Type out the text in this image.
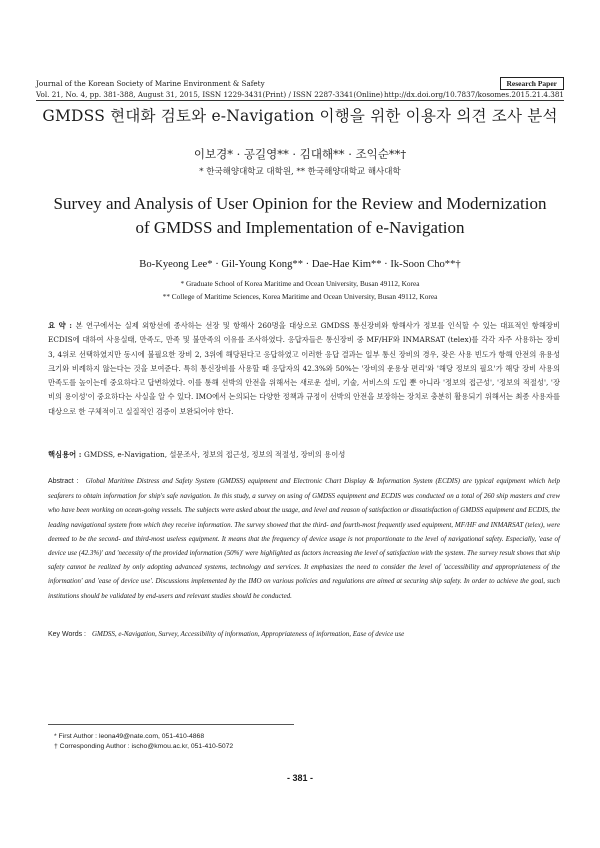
Journal of the Korean Society of Marine Environment & Safety
Vol. 21, No. 4, pp. 381-388, August 31, 2015, ISSN 1229-3431(Print) / ISSN 2287-3341(Online)
Research Paper
http://dx.doi.org/10.7837/kosomes.2015.21.4.381
GMDSS 현대화 검토와 e-Navigation 이행을 위한 이용자 의견 조사 분석
이보경* · 공길영** · 김대해** · 조익순**†
* 한국해양대학교 대학원, ** 한국해양대학교 해사대학
Survey and Analysis of User Opinion for the Review and Modernization
of GMDSS and Implementation of e-Navigation
Bo-Kyeong Lee* · Gil-Young Kong** · Dae-Hae Kim** · Ik-Soon Cho**†
* Graduate School of Korea Maritime and Ocean University, Busan 49112, Korea
** College of Maritime Sciences, Korea Maritime and Ocean University, Busan 49112, Korea
요 약 : 본 연구에서는 실제 외항선에 종사하는 선장 및 항해사 260명을 대상으로 GMDSS 통신장비와 항해사가 정보를 인식할 수 있는 대표적인 항해장비 ECDIS에 대하여 사용실태, 만족도, 만족 및 불만족의 이유를 조사하였다. 응답자들은 통신장비 중 MF/HF와 INMARSAT (telex)를 각각 자주 사용하는 장비 3, 4위로 선택하였지만 동시에 불필요한 장비 2, 3위에 해당된다고 응답하였고 이러한 응답 결과는 일부 통신 장비의 경우, 잦은 사용 빈도가 항해 안전의 유용성 크기와 비례하지 않는다는 것을 보여준다. 특히 통신장비를 사용할 때 응답자의 42.3%와 50%는 '장비의 운용상 편리'와 '해당 정보의 필요'가 해당 장비 사용의 만족도를 높이는데 중요하다고 답변하였다. 이를 통해 선박의 안전을 위해서는 새로운 설비, 기술, 서비스의 도입 뿐 아니라 '정보의 접근성', '정보의 적절성', '장비의 용이성'이 중요하다는 사실을 알 수 있다. IMO에서 논의되는 다양한 정책과 규정이 선박의 안전을 보장하는 장치로 충분히 활용되기 위해서는 최종 사용자를 대상으로 한 구체적이고 실질적인 검증이 보완되어야 한다.
핵심용어 : GMDSS, e-Navigation, 설문조사, 정보의 접근성, 정보의 적절성, 장비의 용이성
Abstract : Global Maritime Distress and Safety System (GMDSS) equipment and Electronic Chart Display & Information System (ECDIS) are typical equipment which help seafarers to obtain information for ship's safe navigation. In this study, a survey on using of GMDSS equipment and ECDIS was conducted on a total of 260 ship masters and crew who have been working on ocean-going vessels. The subjects were asked about the usage, and level and reason of satisfaction or dissatisfaction of GMDSS equipment and ECDIS, the leading navigational system from which they receive information. The survey showed that the third- and fourth-most frequently used equipment, MF/HF and INMARSAT (telex), were deemed to be the second- and third-most useless equipment. It means that the frequency of device usage is not proportionate to the level of navigational safety. Especially, 'ease of device use (42.3%)' and 'necessity of the provided information (50%)' were highlighted as factors increasing the level of satisfaction with the system. The survey result shows that ship safety cannot be realized by only adopting advanced systems, technology and services. It emphasizes the need to consider the level of 'accessibility and appropriateness of the information' and 'ease of device use'. Discussions implemented by the IMO on various policies and regulations are aimed at securing ship safety. In order to achieve the goal, such institutions should be validated by end-users and relevant studies should be conducted.
Key Words : GMDSS, e-Navigation, Survey, Accessibility of information, Appropriateness of information, Ease of device use
* First Author : leona49@nate.com, 051-410-4868
† Corresponding Author : ischo@kmou.ac.kr, 051-410-5072
- 381 -
